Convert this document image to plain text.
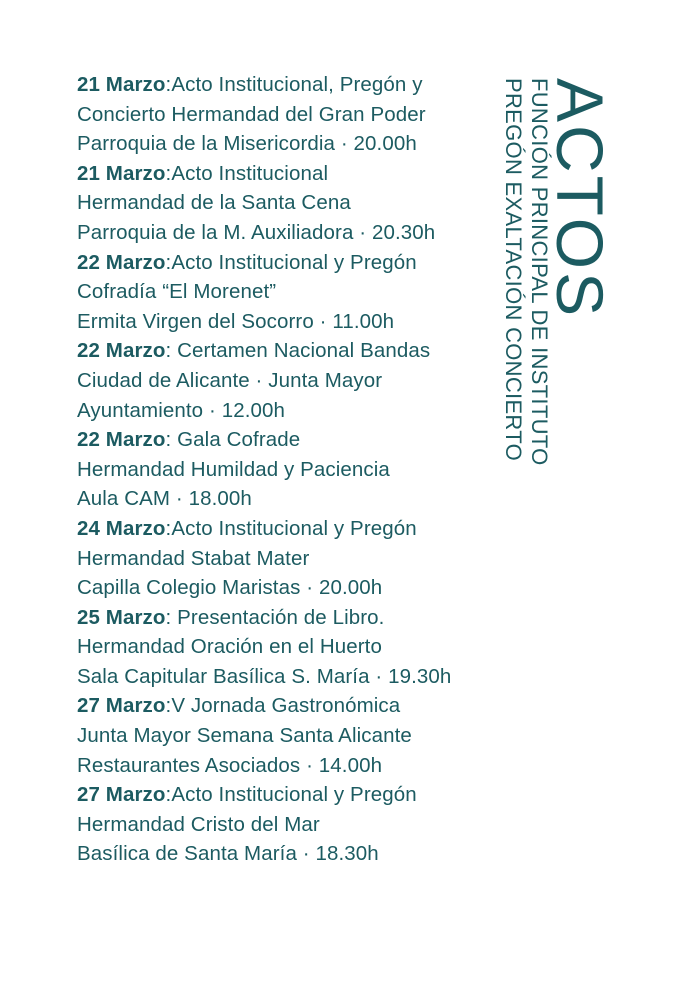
21 Marzo:Acto Institucional, Pregón y
Concierto Hermandad del Gran Poder
Parroquia de la Misericordia · 20.00h
21 Marzo:Acto Institucional
Hermandad de la Santa Cena
Parroquia de la M. Auxiliadora · 20.30h
22 Marzo:Acto Institucional y Pregón
Cofradía “El Morenet”
Ermita Virgen del Socorro · 11.00h
22 Marzo: Certamen Nacional Bandas
Ciudad de Alicante · Junta Mayor
Ayuntamiento · 12.00h
22 Marzo: Gala Cofrade
Hermandad Humildad y Paciencia
Aula CAM · 18.00h
24 Marzo:Acto Institucional y Pregón
Hermandad Stabat Mater
Capilla Colegio Maristas · 20.00h
25 Marzo: Presentación de Libro.
Hermandad Oración en el Huerto
Sala Capitular Basílica S. María · 19.30h
27 Marzo:V Jornada Gastronómica
Junta Mayor Semana Santa Alicante
Restaurantes Asociados · 14.00h
27 Marzo:Acto Institucional y Pregón
Hermandad Cristo del Mar
Basílica de Santa María · 18.30h
ACTOS
FUNCIÓN PRINCIPAL DE INSTITUTO
PREGÓN EXALTACIÓN CONCIERTO
